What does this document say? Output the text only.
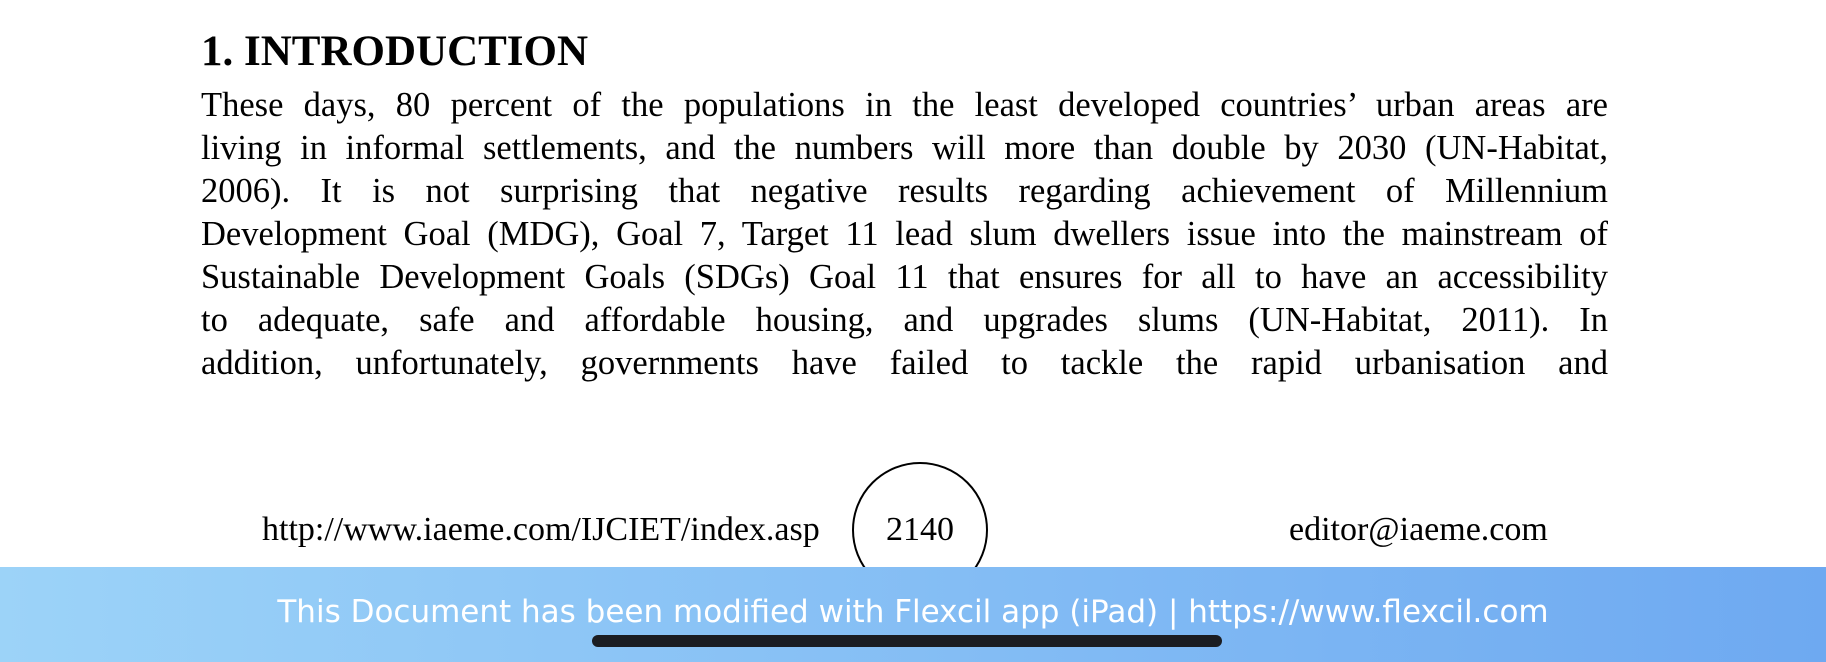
1. INTRODUCTION
These days, 80 percent of the populations in the least developed countries’ urban areas are
living in informal settlements, and the numbers will more than double by 2030 (UN-Habitat,
2006). It is not surprising that negative results regarding achievement of Millennium
Development Goal (MDG), Goal 7, Target 11 lead slum dwellers issue into the mainstream of
Sustainable Development Goals (SDGs) Goal 11 that ensures for all to have an accessibility
to adequate, safe and affordable housing, and upgrades slums (UN-Habitat, 2011). In
addition, unfortunately, governments have failed to tackle the rapid urbanisation and
http://www.iaeme.com/IJCIET/index.asp	2140	editor@iaeme.com
This Document has been modified with Flexcil app (iPad) | https://www.flexcil.com
